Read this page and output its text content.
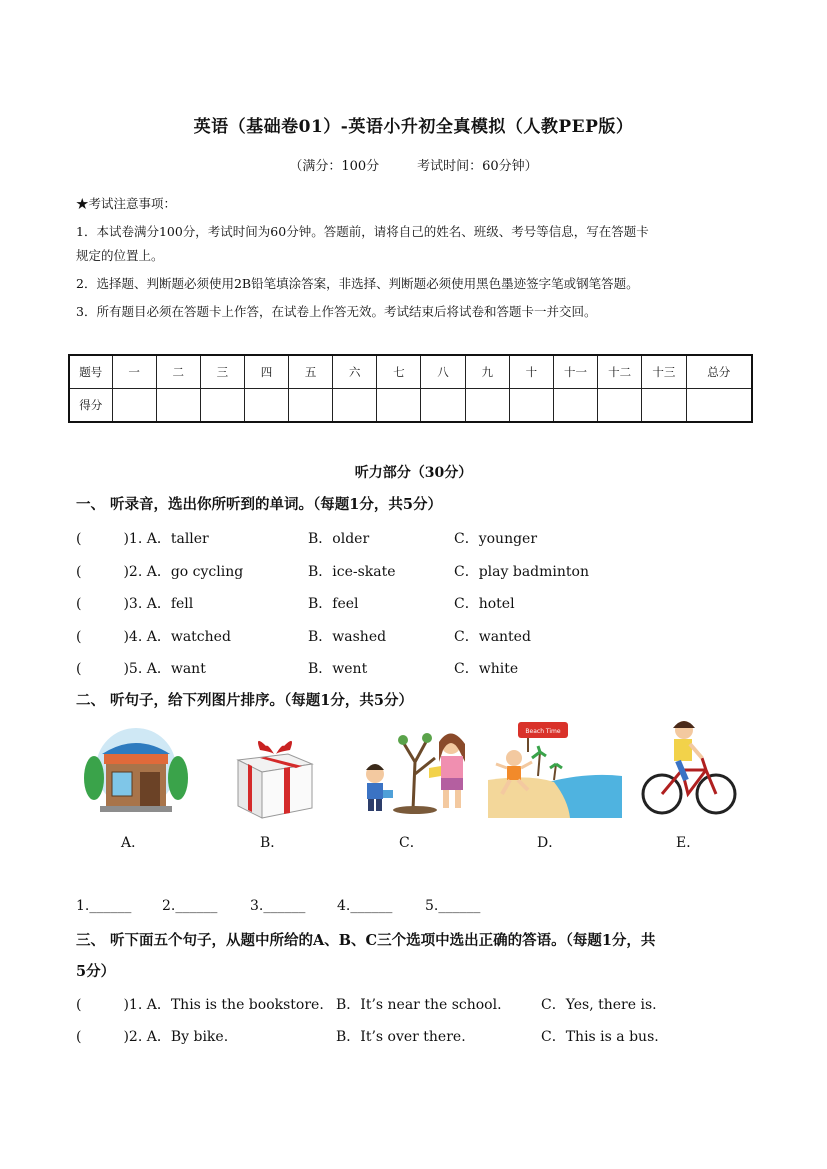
英语（基础卷01）-英语小升初全真模拟（人教PEP版）
（满分：100分	考试时间：60分钟）

★考试注意事项：

1．本试卷满分100分，考试时间为60分钟。答题前，请将自己的姓名、班级、考号等信息，写在答题卡

规定的位置上。

2．选择题、判断题必须使用2B铅笔填涂答案，非选择、判断题必须使用黑色墨迹签字笔或钢笔答题。

3．所有题目必须在答题卡上作答，在试卷上作答无效。考试结束后将试卷和答题卡一并交回。

题号	一	二	三	四	五	六	七	八	九	十	十一	十二	十三	总分
得分														
听力部分（30分）
一、 听录音，选出你所听到的单词。（每题1分，共5分）
(　　　)1. A．taller	B．older	C．younger
(　　　)2. A．go cycling	B．ice-skate	C．play badminton
(　　　)3. A．fell	B．feel	C．hotel
(　　　)4. A．watched	B．washed	C．wanted
(　　　)5. A．want	B．went	C．white
二、 听句子，给下列图片排序。（每题1分，共5分）
A．	B．	C．
Beach Time
D．	E．
1.______ 2.______ 3.______ 4.______ 5.______
三、 听下面五个句子，从题中所给的A、B、C三个选项中选出正确的答语。（每题1分，共
5分）
(　　　)1. A．This is the bookstore. B．It’s near the school.	C．Yes, there is.
(　　　)2. A．By bike.	B．It’s over there.	C．This is a bus.
